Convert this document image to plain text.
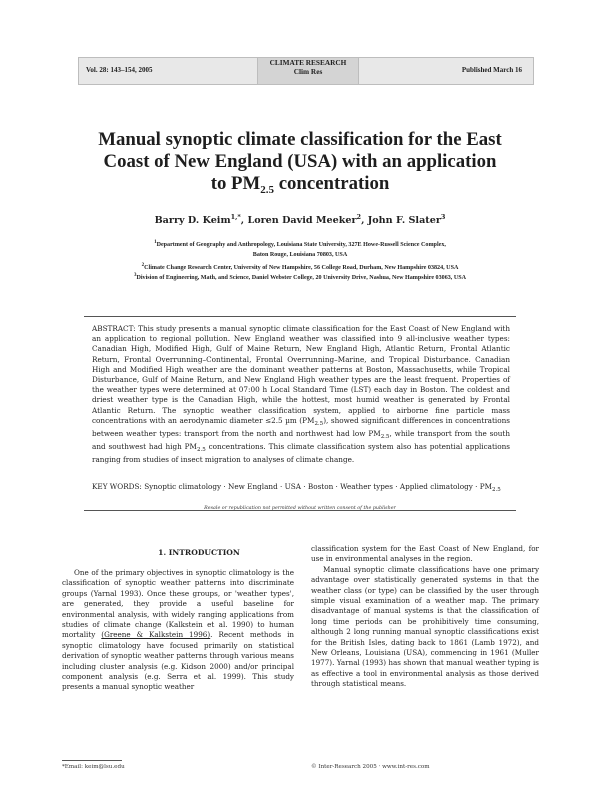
Vol. 28: 143–154, 2005
CLIMATE RESEARCH
Clim Res	Published March 16
Manual synoptic climate classification for the East
Coast of New England (USA) with an application
to $PM_{2.5}$ concentration
Barry D. Keim$^{1,*}$, Loren David Meeker$^2$, John F. Slater$^3$
$^1$Department of Geography and Anthropology, Louisiana State University, 327E Howe-Russell Science Complex,
Baton Rouge, Louisiana 70803, USA
$^2$Climate Change Research Center, University of New Hampshire, 56 College Road, Durham, New Hampshire 03824, USA
$^3$Division of Engineering, Math, and Science, Daniel Webster College, 20 University Drive, Nashua, New Hampshire 03063, USA
ABSTRACT: This study presents a manual synoptic climate classification for the East Coast of New England with an application to regional pollution. New England weather was classified into 9 all-inclusive weather types: Canadian High, Modified High, Gulf of Maine Return, New England High, Atlantic Return, Frontal Atlantic Return, Frontal Overrunning–Continental, Frontal Overrunning–Marine, and Tropical Disturbance. Canadian High and Modified High weather are the dominant weather patterns at Boston, Massachusetts, while Tropical Disturbance, Gulf of Maine Return, and New England High weather types are the least frequent. Properties of the weather types were determined at 07:00 h Local Standard Time (LST) each day in Boston. The coldest and driest weather type is the Canadian High, while the hottest, most humid weather is generated by Frontal Atlantic Return. The synoptic weather classification system, applied to airborne fine particle mass concentrations with an aerodynamic diameter ≤2.5 µm $(PM_{2.5})$, showed significant differences in concentrations between weather types: transport from the north and northwest had low $PM_{2.5}$, while transport from the south and southwest had high $PM_{2.5}$ concentrations. This climate classification system also has potential applications ranging from studies of insect migration to analyses of climate change.
KEY WORDS: Synoptic climatology · New England · USA · Boston · Weather types · Applied climatology · $PM_{2.5}$
Resale or republication not permitted without written consent of the publisher
1. INTRODUCTION

One of the primary objectives in synoptic climatology is the classification of synoptic weather patterns into discriminate groups (Yarnal 1993). Once these groups, or 'weather types', are generated, they provide a useful baseline for environmental analysis, with widely ranging applications from studies of climate change (Kalkstein et al. 1990) to human mortality (Greene & Kalkstein 1996). Recent methods in synoptic climatology have focused primarily on statistical derivation of synoptic weather patterns through various means including cluster analysis (e.g. Kidson 2000) and/or principal component analysis (e.g. Serra et al. 1999). This study presents a manual synoptic weather

classification system for the East Coast of New England, for use in environmental analyses in the region.

Manual synoptic climate classifications have one primary advantage over statistically generated systems in that the weather class (or type) can be classified by the user through simple visual examination of a weather map. The primary disadvantage of manual systems is that the classification of long time periods can be prohibitively time consuming, although 2 long running manual synoptic classifications exist for the British Isles, dating back to 1861 (Lamb 1972), and New Orleans, Louisiana (USA), commencing in 1961 (Muller 1977). Yarnal (1993) has shown that manual weather typing is as effective a tool in environmental analysis as those derived through statistical means.

*Email: keim@lsu.edu	© Inter-Research 2005 · www.int-res.com
